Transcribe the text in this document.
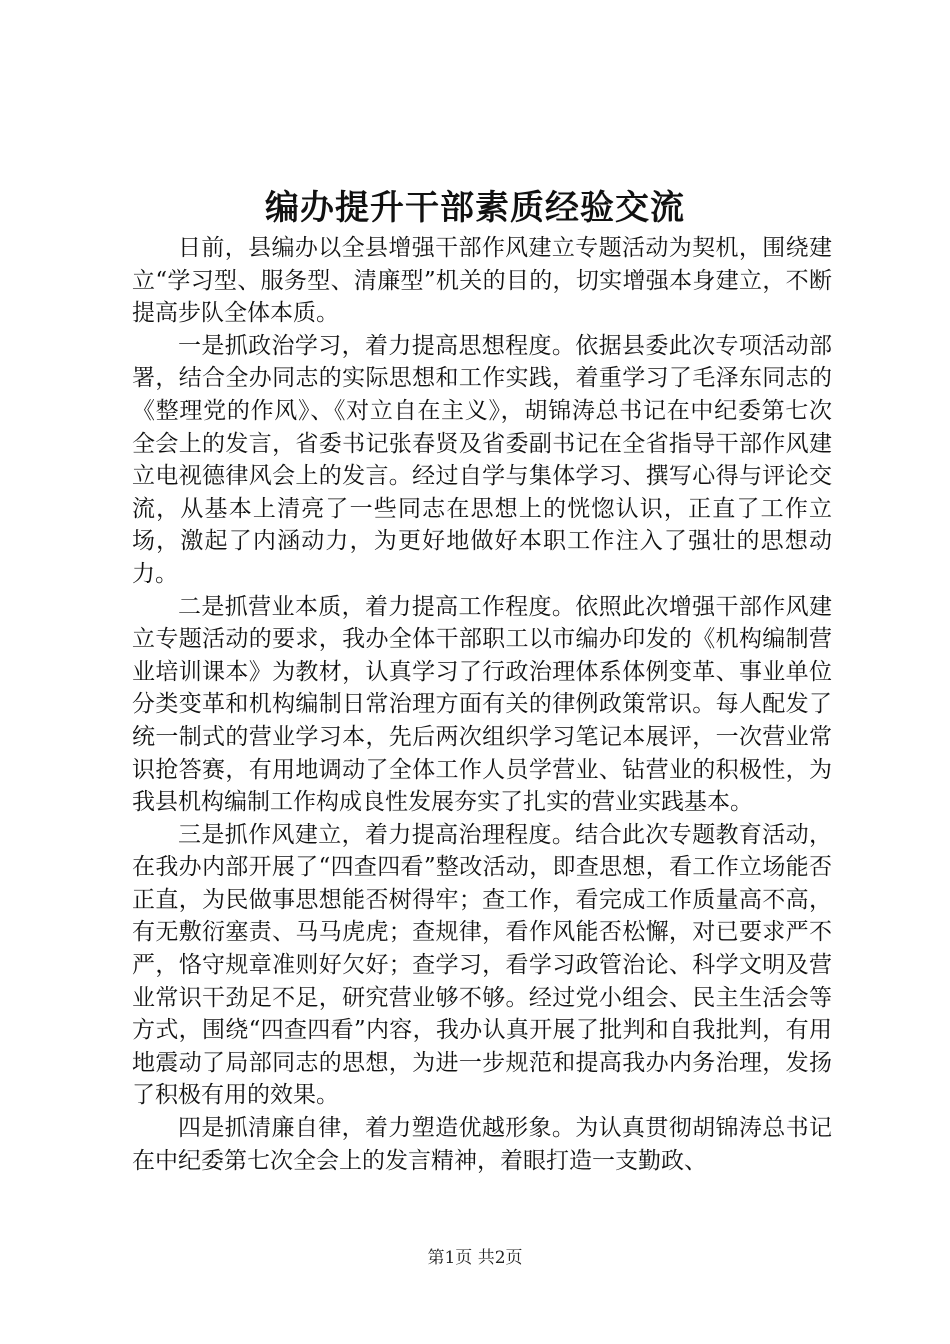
编办提升干部素质经验交流

日前，县编办以全县增强干部作风建立专题活动为契机，围绕建立“学习型、服务型、清廉型”机关的目的，切实增强本身建立，不断提高步队全体本质。

一是抓政治学习，着力提高思想程度。依据县委此次专项活动部署，结合全办同志的实际思想和工作实践，着重学习了毛泽东同志的《整理党的作风》、《对立自在主义》，胡锦涛总书记在中纪委第七次全会上的发言，省委书记张春贤及省委副书记在全省指导干部作风建立电视德律风会上的发言。经过自学与集体学习、撰写心得与评论交流，从基本上清亮了一些同志在思想上的恍惚认识，正直了工作立场，激起了内涵动力，为更好地做好本职工作注入了强壮的思想动力。

二是抓营业本质，着力提高工作程度。依照此次增强干部作风建立专题活动的要求，我办全体干部职工以市编办印发的《机构编制营业培训课本》为教材，认真学习了行政治理体系体例变革、事业单位分类变革和机构编制日常治理方面有关的律例政策常识。每人配发了统一制式的营业学习本，先后两次组织学习笔记本展评，一次营业常识抢答赛，有用地调动了全体工作人员学营业、钻营业的积极性，为我县机构编制工作构成良性发展夯实了扎实的营业实践基本。

三是抓作风建立，着力提高治理程度。结合此次专题教育活动，在我办内部开展了“四查四看”整改活动，即查思想，看工作立场能否正直，为民做事思想能否树得牢；查工作，看完成工作质量高不高，有无敷衍塞责、马马虎虎；查规律，看作风能否松懈，对已要求严不严，恪守规章准则好欠好；查学习，看学习政管治论、科学文明及营业常识干劲足不足，研究营业够不够。经过党小组会、民主生活会等方式，围绕“四查四看”内容，我办认真开展了批判和自我批判，有用地震动了局部同志的思想，为进一步规范和提高我办内务治理，发扬了积极有用的效果。

四是抓清廉自律，着力塑造优越形象。为认真贯彻胡锦涛总书记在中纪委第七次全会上的发言精神，着眼打造一支勤政、

第1页 共2页
